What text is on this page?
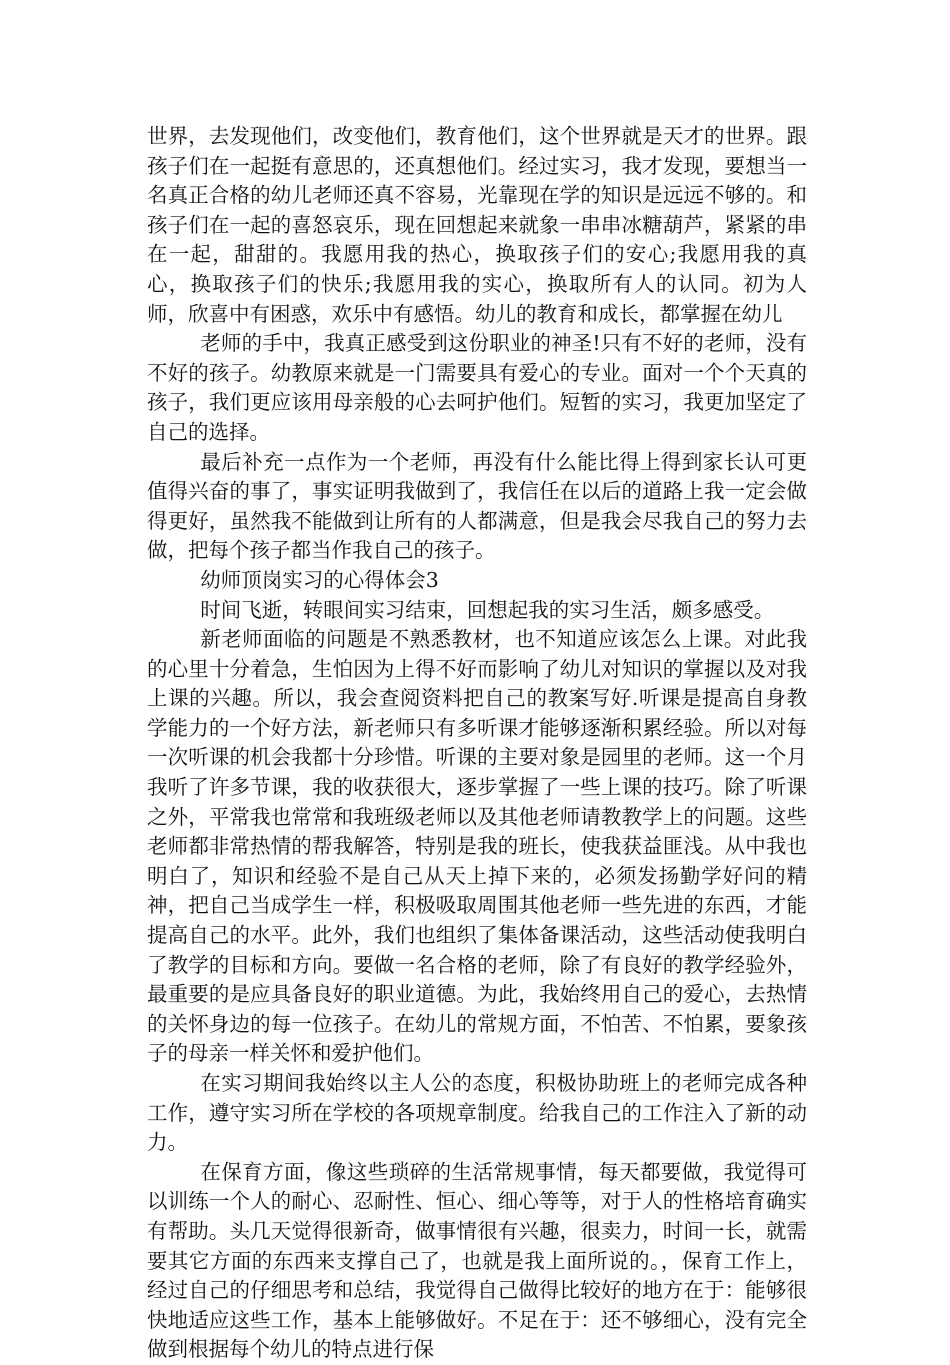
世界，去发现他们，改变他们，教育他们，这个世界就是天才的世界。跟孩子们在一起挺有意思的，还真想他们。经过实习，我才发现，要想当一名真正合格的幼儿老师还真不容易，光靠现在学的知识是远远不够的。和孩子们在一起的喜怒哀乐，现在回想起来就象一串串冰糖葫芦，紧紧的串在一起，甜甜的。我愿用我的热心，换取孩子们的安心;我愿用我的真心，换取孩子们的快乐;我愿用我的实心，换取所有人的认同。初为人师，欣喜中有困惑，欢乐中有感悟。幼儿的教育和成长，都掌握在幼儿

老师的手中，我真正感受到这份职业的神圣!只有不好的老师，没有不好的孩子。幼教原来就是一门需要具有爱心的专业。面对一个个天真的孩子，我们更应该用母亲般的心去呵护他们。短暂的实习，我更加坚定了自己的选择。

最后补充一点作为一个老师，再没有什么能比得上得到家长认可更值得兴奋的事了，事实证明我做到了，我信任在以后的道路上我一定会做得更好，虽然我不能做到让所有的人都满意，但是我会尽我自己的努力去做，把每个孩子都当作我自己的孩子。

幼师顶岗实习的心得体会3

时间飞逝，转眼间实习结束，回想起我的实习生活，颇多感受。

新老师面临的问题是不熟悉教材，也不知道应该怎么上课。对此我的心里十分着急，生怕因为上得不好而影响了幼儿对知识的掌握以及对我上课的兴趣。所以，我会查阅资料把自己的教案写好.听课是提高自身教学能力的一个好方法，新老师只有多听课才能够逐渐积累经验。所以对每一次听课的机会我都十分珍惜。听课的主要对象是园里的老师。这一个月我听了许多节课，我的收获很大，逐步掌握了一些上课的技巧。除了听课之外，平常我也常常和我班级老师以及其他老师请教教学上的问题。这些老师都非常热情的帮我解答，特别是我的班长，使我获益匪浅。从中我也明白了，知识和经验不是自己从天上掉下来的，必须发扬勤学好问的精神，把自己当成学生一样，积极吸取周围其他老师一些先进的东西，才能提高自己的水平。此外，我们也组织了集体备课活动，这些活动使我明白了教学的目标和方向。要做一名合格的老师，除了有良好的教学经验外，最重要的是应具备良好的职业道德。为此，我始终用自己的爱心，去热情的关怀身边的每一位孩子。在幼儿的常规方面，不怕苦、不怕累，要象孩子的母亲一样关怀和爱护他们。

在实习期间我始终以主人公的态度，积极协助班上的老师完成各种工作，遵守实习所在学校的各项规章制度。给我自己的工作注入了新的动力。

在保育方面，像这些琐碎的生活常规事情，每天都要做，我觉得可以训练一个人的耐心、忍耐性、恒心、细心等等，对于人的性格培育确实有帮助。头几天觉得很新奇，做事情很有兴趣，很卖力，时间一长，就需要其它方面的东西来支撑自己了，也就是我上面所说的。，保育工作上，经过自己的仔细思考和总结，我觉得自己做得比较好的地方在于：能够很快地适应这些工作，基本上能够做好。不足在于：还不够细心，没有完全做到根据每个幼儿的特点进行保
